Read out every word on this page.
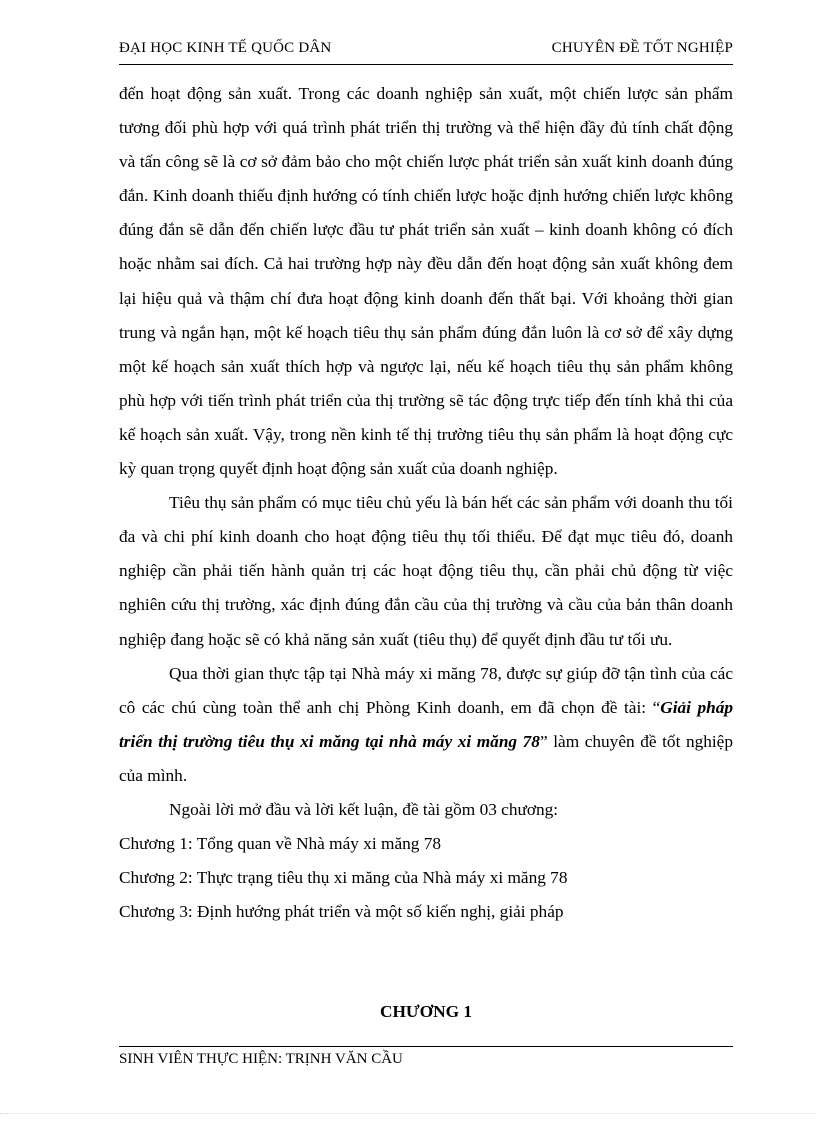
ĐẠI HỌC KINH TẾ QUỐC DÂN	CHUYÊN ĐỀ TỐT NGHIỆP

đến hoạt động sản xuất. Trong các doanh nghiệp sản xuất, một chiến lược sản phẩm tương đối phù hợp với quá trình phát triển thị trường và thể hiện đầy đủ tính chất động và tấn công sẽ là cơ sở đảm bảo cho một chiến lược phát triển sản xuất kinh doanh đúng đắn. Kinh doanh thiếu định hướng có tính chiến lược hoặc định hướng chiến lược không đúng đắn sẽ dẫn đến chiến lược đầu tư phát triển sản xuất – kinh doanh không có đích hoặc nhằm sai đích. Cả hai trường hợp này đều dẫn đến hoạt động sản xuất không đem lại hiệu quả và thậm chí đưa hoạt động kinh doanh đến thất bại. Với khoảng thời gian trung và ngắn hạn, một kế hoạch tiêu thụ sản phẩm đúng đắn luôn là cơ sở để xây dựng một kế hoạch sản xuất thích hợp và ngược lại, nếu kế hoạch tiêu thụ sản phẩm không phù hợp với tiến trình phát triển của thị trường sẽ tác động trực tiếp đến tính khả thi của kế hoạch sản xuất. Vậy, trong nền kinh tế thị trường tiêu thụ sản phẩm là hoạt động cực kỳ quan trọng quyết định hoạt động sản xuất của doanh nghiệp.

Tiêu thụ sản phẩm có mục tiêu chủ yếu là bán hết các sản phẩm với doanh thu tối đa và chi phí kinh doanh cho hoạt động tiêu thụ tối thiểu. Để đạt mục tiêu đó, doanh nghiệp cần phải tiến hành quản trị các hoạt động tiêu thụ, cần phải chủ động từ việc nghiên cứu thị trường, xác định đúng đắn cầu của thị trường và cầu của bản thân doanh nghiệp đang hoặc sẽ có khả năng sản xuất (tiêu thụ) để quyết định đầu tư tối ưu.

Qua thời gian thực tập tại Nhà máy xi măng 78, được sự giúp đỡ tận tình của các cô các chú cùng toàn thể anh chị Phòng Kinh doanh, em đã chọn đề tài: “Giải pháp triển thị trường tiêu thụ xi măng tại nhà máy xi măng 78” làm chuyên đề tốt nghiệp của mình.

Ngoài lời mở đầu và lời kết luận, đề tài gồm 03 chương:

Chương 1: Tổng quan về Nhà máy xi măng 78

Chương 2: Thực trạng tiêu thụ xi măng của Nhà máy xi măng 78

Chương 3: Định hướng phát triển và một số kiến nghị, giải pháp

CHƯƠNG 1
SINH VIÊN THỰC HIỆN: TRỊNH VĂN CẦU
